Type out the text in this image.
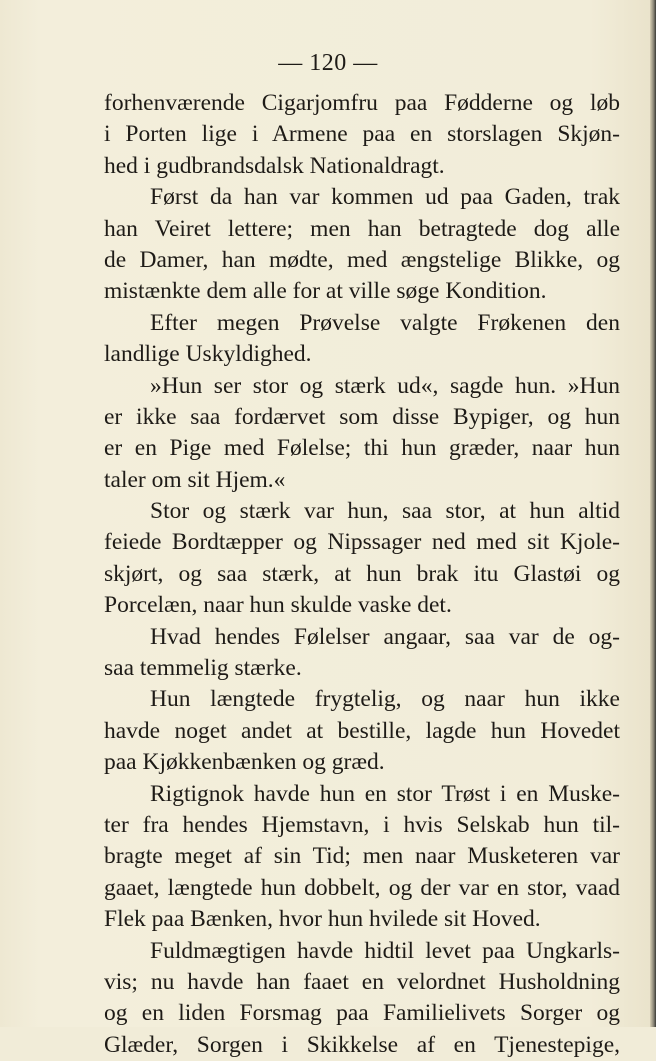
— 120 —
forhenværende Cigarjomfru paa Fødderne og løb
i Porten lige i Armene paa en storslagen Skjøn-
hed i gudbrandsdalsk Nationaldragt.
Først da han var kommen ud paa Gaden, trak
han Veiret lettere; men han betragtede dog alle
de Damer, han mødte, med ængstelige Blikke, og
mistænkte dem alle for at ville søge Kondition.
Efter megen Prøvelse valgte Frøkenen den
landlige Uskyldighed.
»Hun ser stor og stærk ud«, sagde hun. »Hun
er ikke saa fordærvet som disse Bypiger, og hun
er en Pige med Følelse; thi hun græder, naar hun
taler om sit Hjem.«
Stor og stærk var hun, saa stor, at hun altid
feiede Bordtæpper og Nipssager ned med sit Kjole-
skjørt, og saa stærk, at hun brak itu Glastøi og
Porcelæn, naar hun skulde vaske det.
Hvad hendes Følelser angaar, saa var de og-
saa temmelig stærke.
Hun længtede frygtelig, og naar hun ikke
havde noget andet at bestille, lagde hun Hovedet
paa Kjøkkenbænken og græd.
Rigtignok havde hun en stor Trøst i en Muske-
ter fra hendes Hjemstavn, i hvis Selskab hun til-
bragte meget af sin Tid; men naar Musketeren var
gaaet, længtede hun dobbelt, og der var en stor, vaad
Flek paa Bænken, hvor hun hvilede sit Hoved.
Fuldmægtigen havde hidtil levet paa Ungkarls-
vis; nu havde han faaet en velordnet Husholdning
og en liden Forsmag paa Familielivets Sorger og
Glæder, Sorgen i Skikkelse af en Tjenestepige,
